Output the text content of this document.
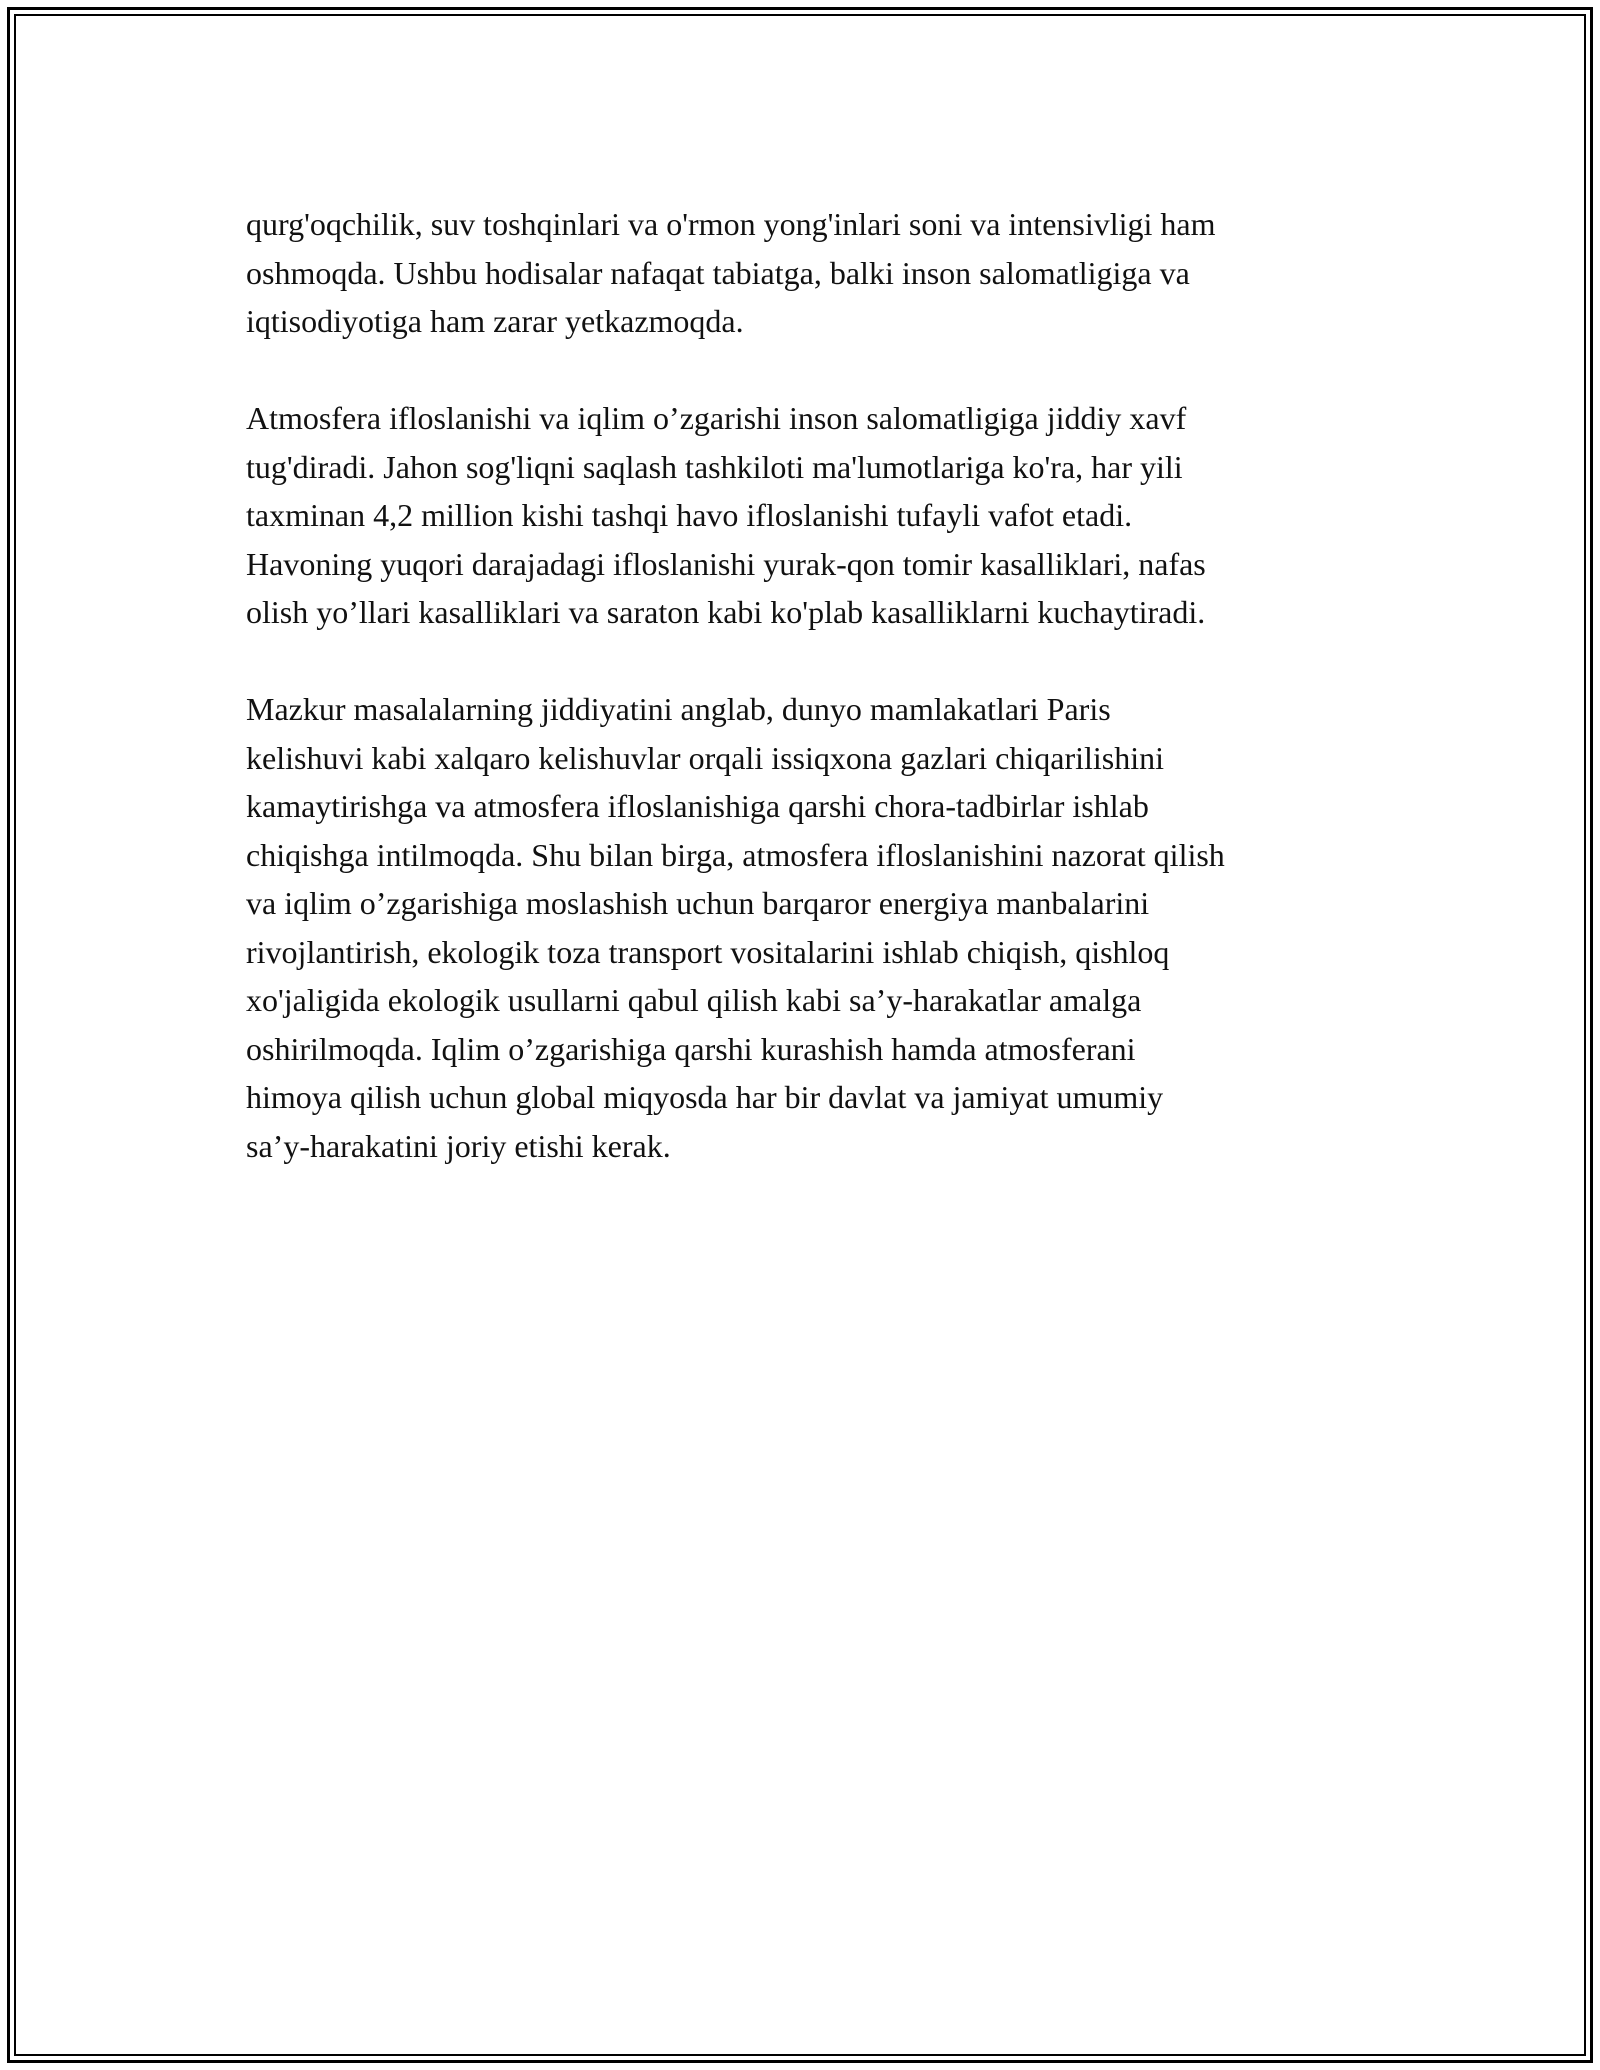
qurg'oqchilik, suv toshqinlari va o'rmon yong'inlari soni va intensivligi ham
oshmoqda. Ushbu hodisalar nafaqat tabiatga, balki inson salomatligiga va
iqtisodiyotiga ham zarar yetkazmoqda.

Atmosfera ifloslanishi va iqlim o’zgarishi inson salomatligiga jiddiy xavf
tug'diradi. Jahon sog'liqni saqlash tashkiloti ma'lumotlariga ko'ra, har yili
taxminan 4,2 million kishi tashqi havo ifloslanishi tufayli vafot etadi.
Havoning yuqori darajadagi ifloslanishi yurak-qon tomir kasalliklari, nafas
olish yo’llari kasalliklari va saraton kabi ko'plab kasalliklarni kuchaytiradi.

Mazkur masalalarning jiddiyatini anglab, dunyo mamlakatlari Paris
kelishuvi kabi xalqaro kelishuvlar orqali issiqxona gazlari chiqarilishini
kamaytirishga va atmosfera ifloslanishiga qarshi chora-tadbirlar ishlab
chiqishga intilmoqda. Shu bilan birga, atmosfera ifloslanishini nazorat qilish
va iqlim o’zgarishiga moslashish uchun barqaror energiya manbalarini
rivojlantirish, ekologik toza transport vositalarini ishlab chiqish, qishloq
xo'jaligida ekologik usullarni qabul qilish kabi sa’y-harakatlar amalga
oshirilmoqda. Iqlim o’zgarishiga qarshi kurashish hamda atmosferani
himoya qilish uchun global miqyosda har bir davlat va jamiyat umumiy
sa’y-harakatini joriy etishi kerak.
